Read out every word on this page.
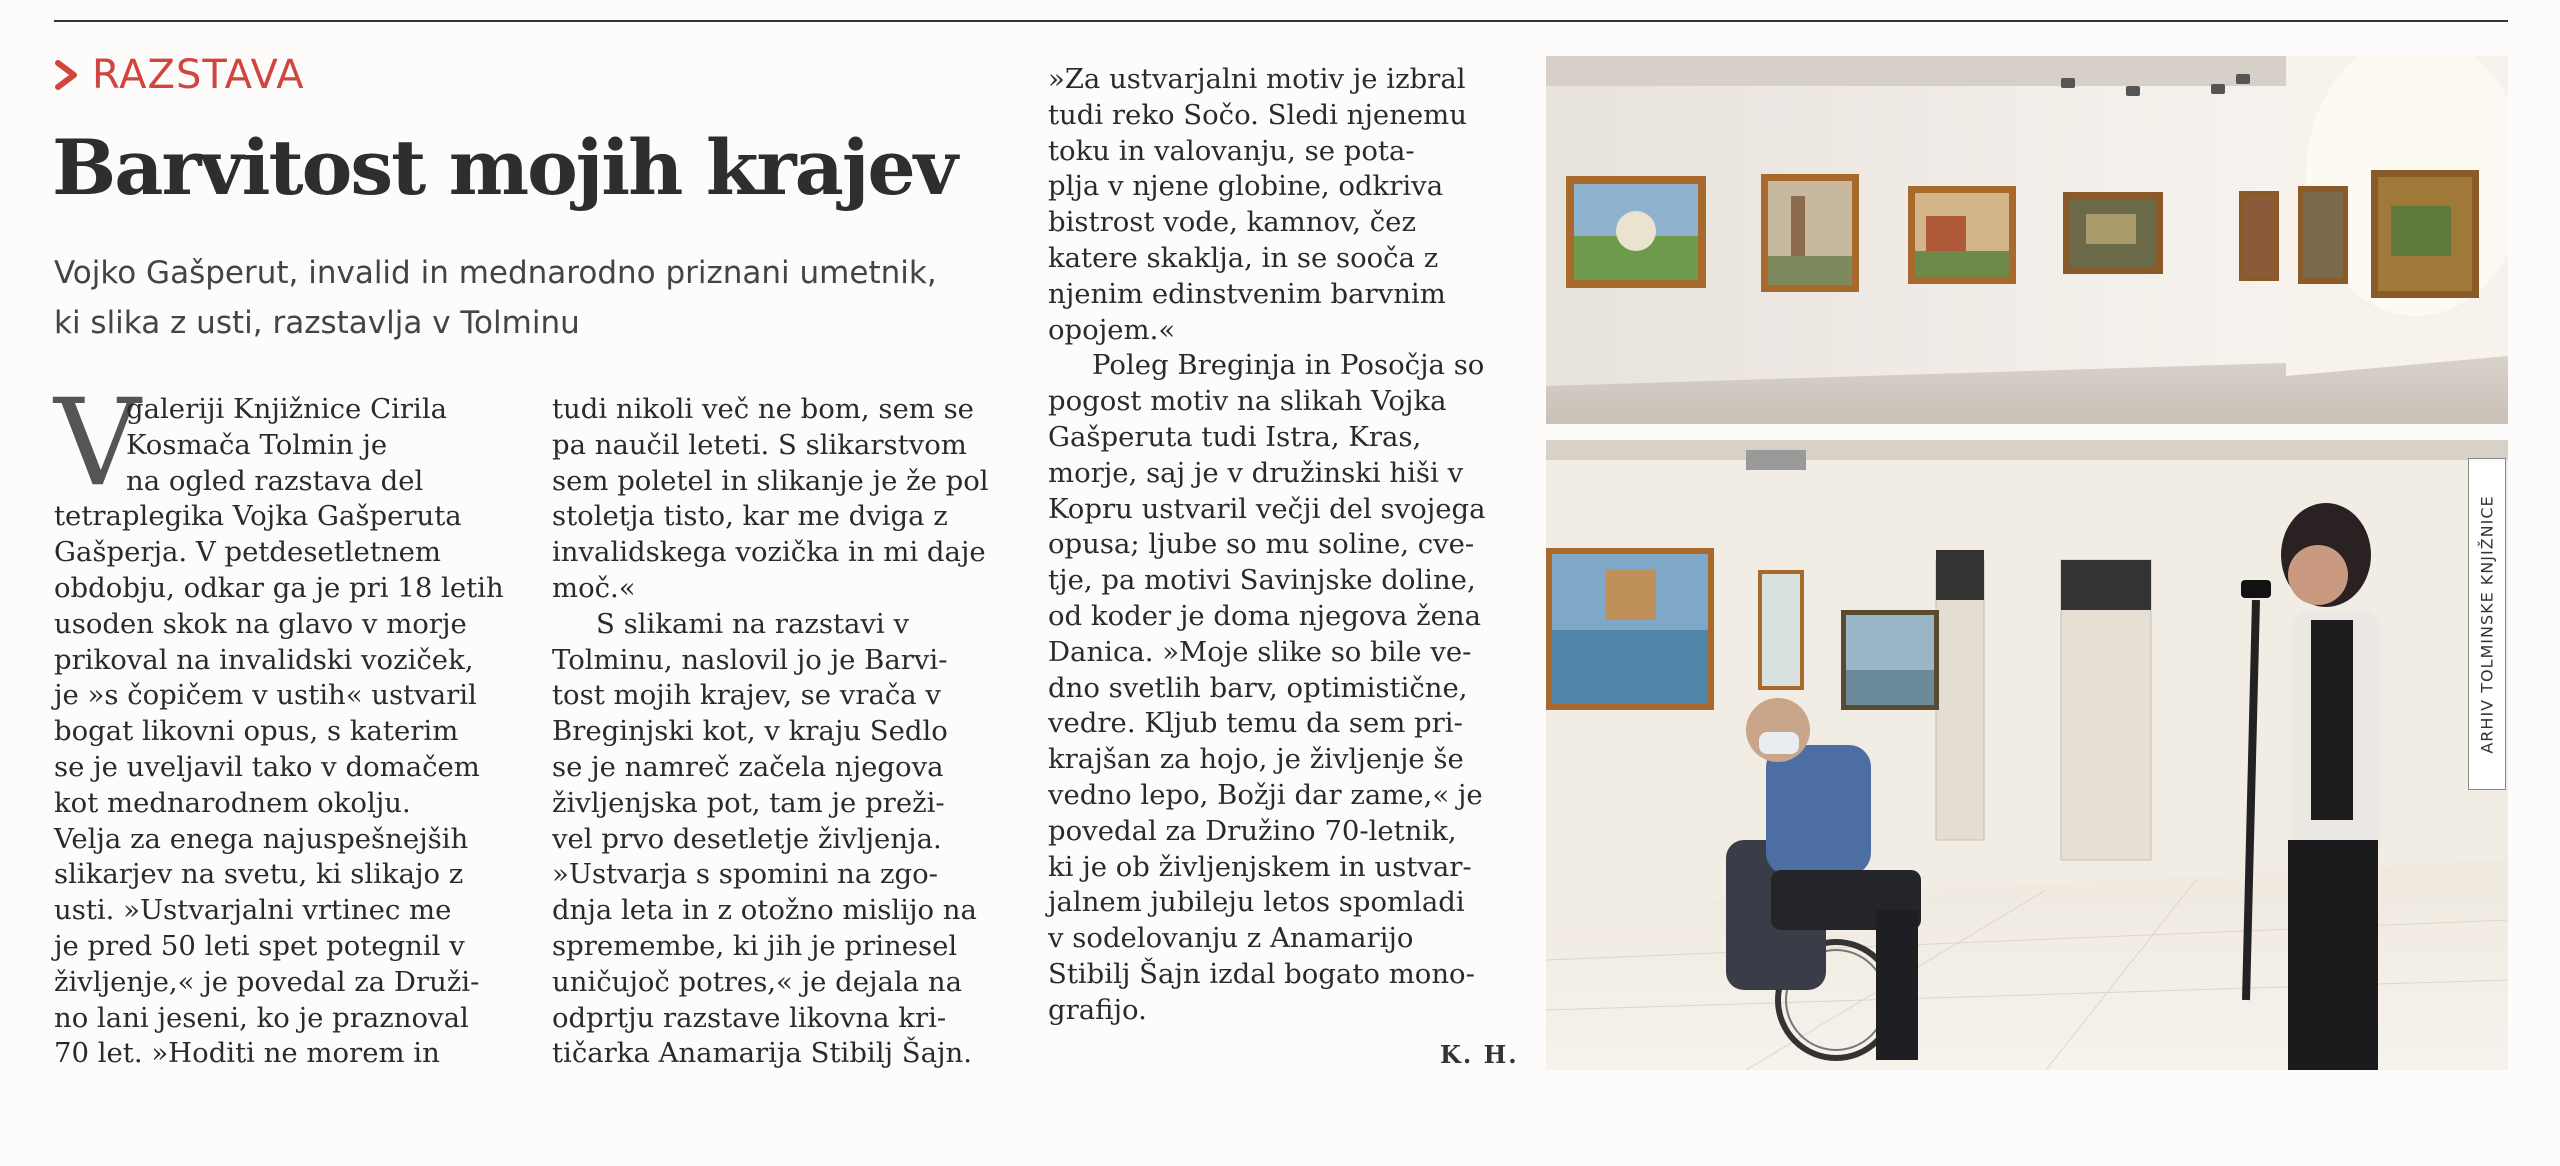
RAZSTAVA
Barvitost mojih krajev
Vojko Gašperut, invalid in mednarodno priznani umetnik,
ki slika z usti, razstavlja v Tolminu
V
galeriji Knjižnice Cirila
Kosmača Tolmin je
na ogled razstava del
tetraplegika Vojka Gašperuta
Gašperja. V petdesetletnem
obdobju, odkar ga je pri 18 letih
usoden skok na glavo v morje
prikoval na invalidski voziček,
je »s čopičem v ustih« ustvaril
bogat likovni opus, s katerim
se je uveljavil tako v domačem
kot mednarodnem okolju.
Velja za enega najuspešnejših
slikarjev na svetu, ki slikajo z
usti. »Ustvarjalni vrtinec me
je pred 50 leti spet potegnil v
življenje,« je povedal za Druži-
no lani jeseni, ko je praznoval
70 let. »Hoditi ne morem in
tudi nikoli več ne bom, sem se
pa naučil leteti. S slikarstvom
sem poletel in slikanje je že pol
stoletja tisto, kar me dviga z
invalidskega vozička in mi daje
moč.«
S slikami na razstavi v
Tolminu, naslovil jo je Barvi-
tost mojih krajev, se vrača v
Breginjski kot, v kraju Sedlo
se je namreč začela njegova
življenjska pot, tam je preži-
vel prvo desetletje življenja.
»Ustvarja s spomini na zgo-
dnja leta in z otožno mislijo na
spremembe, ki jih je prinesel
uničujoč potres,« je dejala na
odprtju razstave likovna kri-
tičarka Anamarija Stibilj Šajn.
»Za ustvarjalni motiv je izbral
tudi reko Sočo. Sledi njenemu
toku in valovanju, se pota-
plja v njene globine, odkriva
bistrost vode, kamnov, čez
katere skaklja, in se sooča z
njenim edinstvenim barvnim
opojem.«
Poleg Breginja in Posočja so
pogost motiv na slikah Vojka
Gašperuta tudi Istra, Kras,
morje, saj je v družinski hiši v
Kopru ustvaril večji del svojega
opusa; ljube so mu soline, cve-
tje, pa motivi Savinjske doline,
od koder je doma njegova žena
Danica. »Moje slike so bile ve-
dno svetlih barv, optimistične,
vedre. Kljub temu da sem pri-
krajšan za hojo, je življenje še
vedno lepo, Božji dar zame,« je
povedal za Družino 70-letnik,
ki je ob življenjskem in ustvar-
jalnem jubileju letos spomladi
v sodelovanju z Anamarijo
Stibilj Šajn izdal bogato mono-
grafijo.
K. H.
ARHIV TOLMINSKE KNJIŽNICE
